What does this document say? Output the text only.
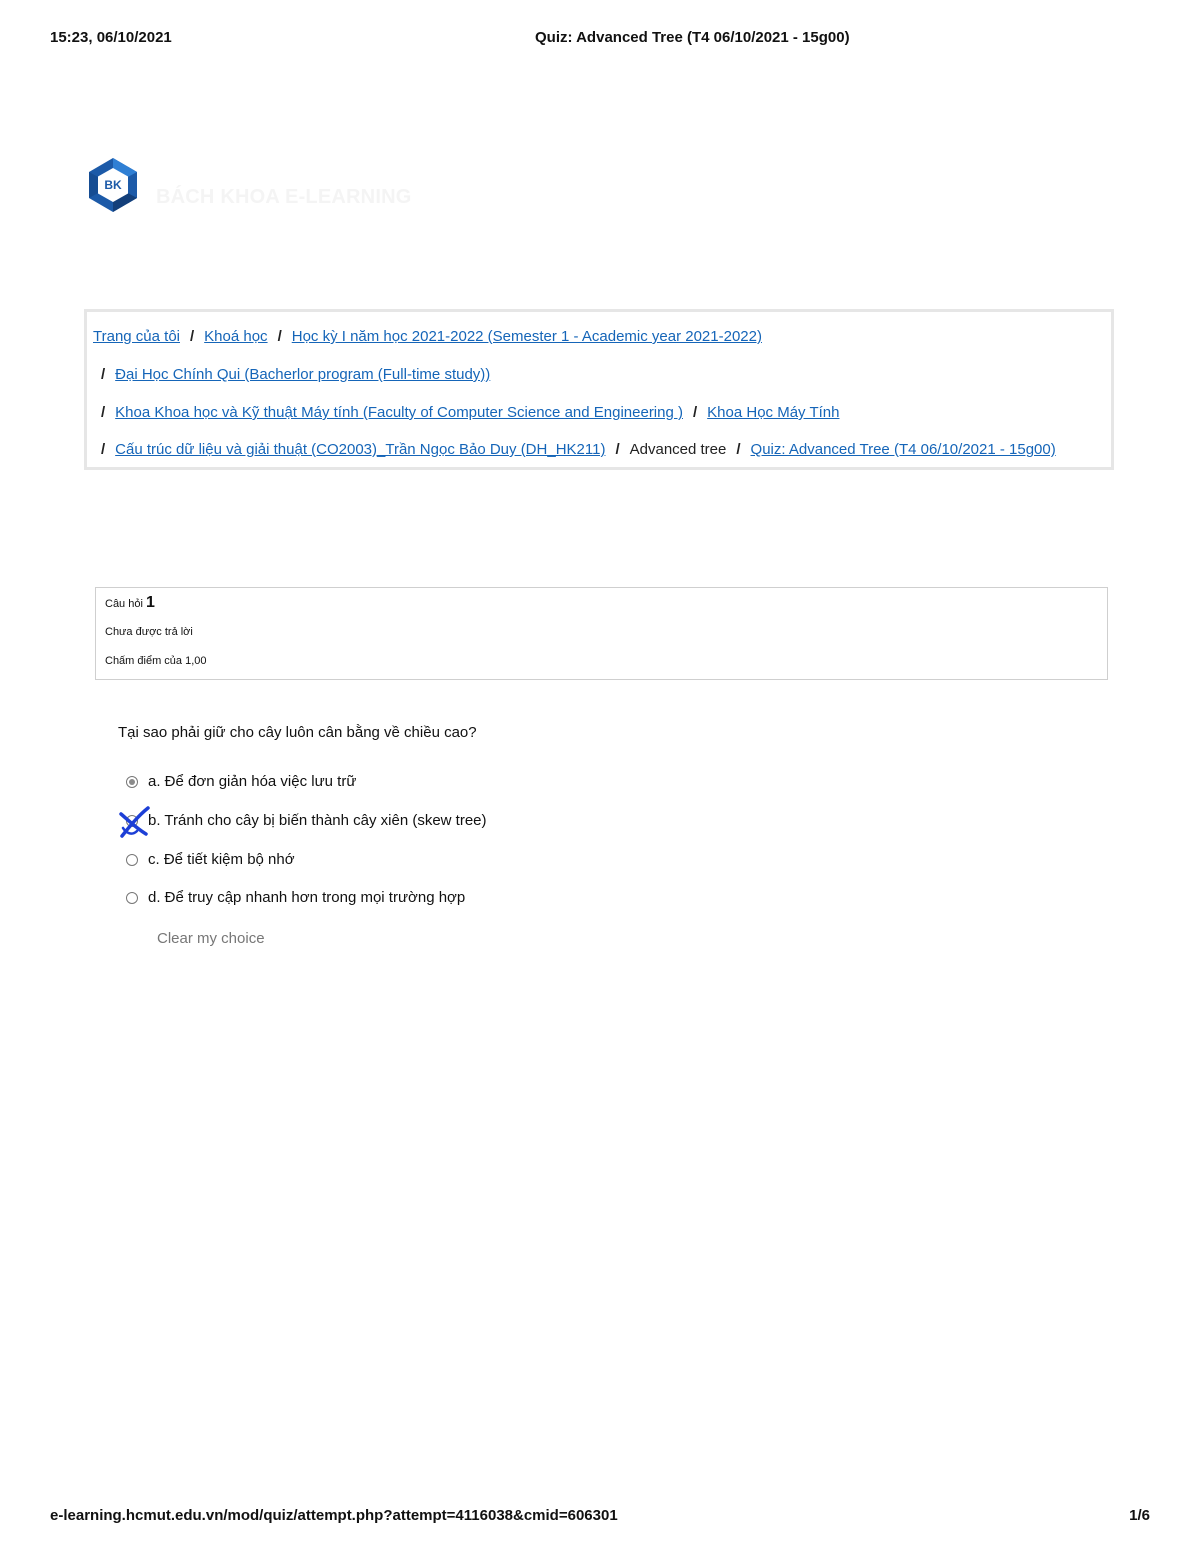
15:23, 06/10/2021	Quiz: Advanced Tree (T4 06/10/2021 - 15g00)
BK
BÁCH KHOA E-LEARNING
Trang của tôi / Khoá học / Học kỳ I năm học 2021-2022 (Semester 1 - Academic year 2021-2022)
/ Đại Học Chính Qui (Bacherlor program (Full-time study))
/ Khoa Khoa học và Kỹ thuật Máy tính (Faculty of Computer Science and Engineering ) / Khoa Học Máy Tính
/ Cấu trúc dữ liệu và giải thuật (CO2003)_Trần Ngọc Bảo Duy (DH_HK211) / Advanced tree / Quiz: Advanced Tree (T4 06/10/2021 - 15g00)
Câu hỏi 1
Chưa được trả lời
Chấm điểm của 1,00
Tại sao phải giữ cho cây luôn cân bằng về chiều cao?
a. Để đơn giản hóa việc lưu trữ
b. Tránh cho cây bị biến thành cây xiên (skew tree)
c. Để tiết kiệm bộ nhớ
d. Để truy cập nhanh hơn trong mọi trường hợp
Clear my choice
e-learning.hcmut.edu.vn/mod/quiz/attempt.php?attempt=4116038&cmid=606301	1/6
